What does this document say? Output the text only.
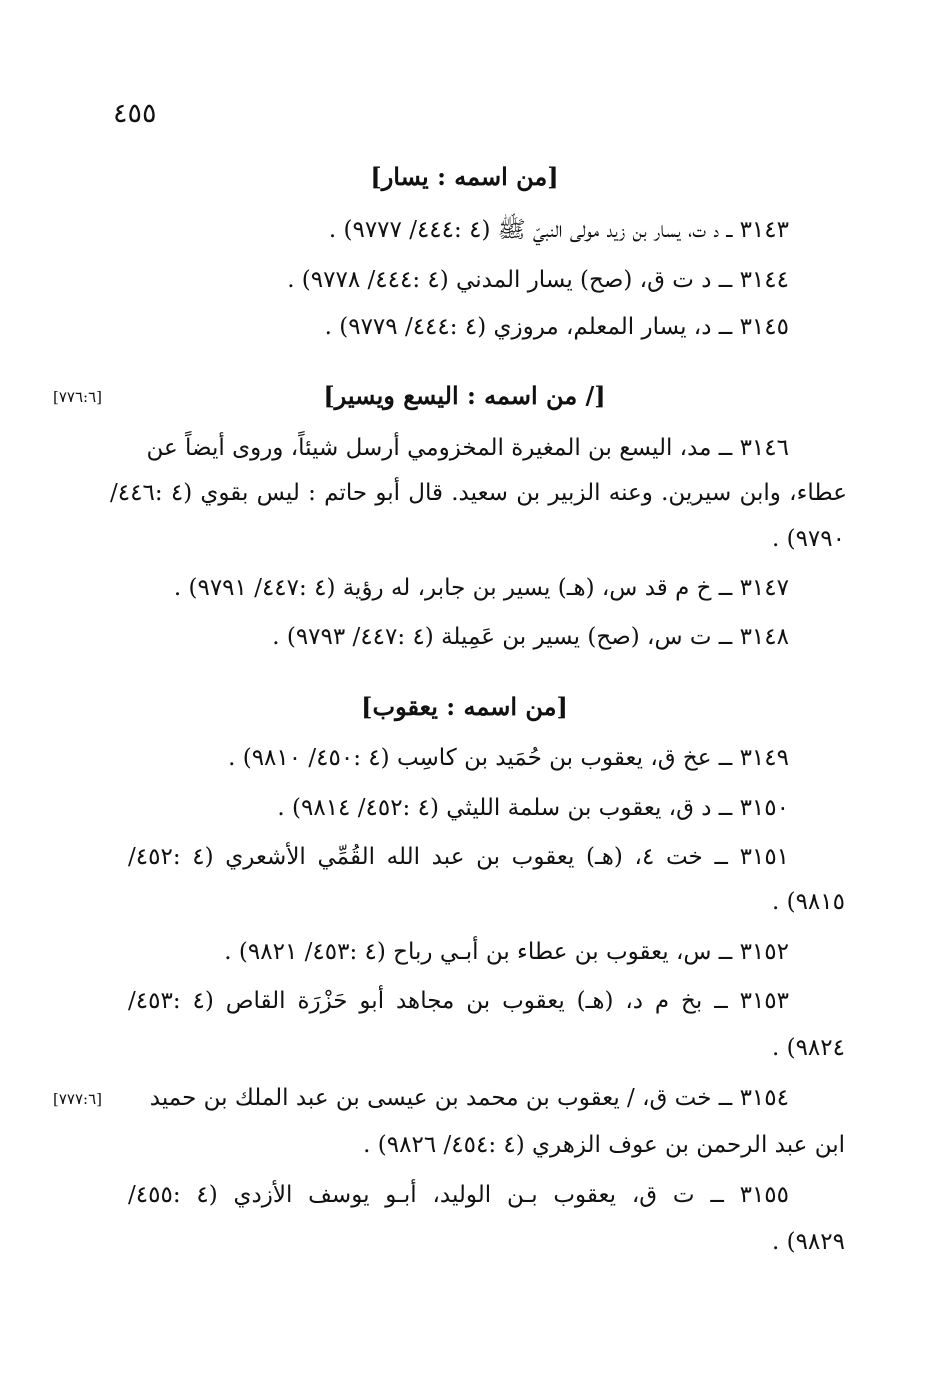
٤٥٥
[من اسمه : يسار]
٣١٤٣ ــ د ت، يسار بن زيد مولى النبيّ ﷺ (٤ :٤٤٤/ ٩٧٧٧) .
٣١٤٤ ــ د ت ق، (صح) يسار المدني (٤ :٤٤٤/ ٩٧٧٨) .
٣١٤٥ ــ د، يسار المعلم، مروزي (٤ :٤٤٤/ ٩٧٧٩) .
[/ من اسمه : اليسع ويسير]
[٧٧٦:٦]
٣١٤٦ ــ مد، اليسع بن المغيرة المخزومي أرسل شيئاً، وروى أيضاً عن
عطاء، وابن سيرين. وعنه الزبير بن سعيد. قال أبو حاتم : ليس بقوي (٤ :٤٤٦/
٩٧٩٠) .
٣١٤٧ ــ خ م قد س، (هـ) يسير بن جابر، له رؤية (٤ :٤٤٧/ ٩٧٩١) .
٣١٤٨ ــ ت س، (صح) يسير بن عَمِيلة (٤ :٤٤٧/ ٩٧٩٣) .
[من اسمه : يعقوب]
٣١٤٩ ــ عخ ق، يعقوب بن حُمَيد بن كاسِب (٤ :٤٥٠/ ٩٨١٠) .
٣١٥٠ ــ د ق، يعقوب بن سلمة الليثي (٤ :٤٥٢/ ٩٨١٤) .
٣١٥١ ــ خت ٤، (هـ) يعقوب بن عبد الله القُمِّي الأشعري (٤ :٤٥٢/
٩٨١٥) .
٣١٥٢ ــ س، يعقوب بن عطاء بن أبـي رباح (٤ :٤٥٣/ ٩٨٢١) .
٣١٥٣ ــ بخ م د، (هـ) يعقوب بن مجاهد أبو حَزْرَة القاص (٤ :٤٥٣/
٩٨٢٤) .
٣١٥٤ ــ خت ق، / يعقوب بن محمد بن عيسى بن عبد الملك بن حميد
[٧٧٧:٦]
ابن عبد الرحمن بن عوف الزهري (٤ :٤٥٤/ ٩٨٢٦) .
٣١٥٥ ــ ت ق، يعقوب بـن الوليد، أبـو يوسف الأزدي (٤ :٤٥٥/
٩٨٢٩) .
